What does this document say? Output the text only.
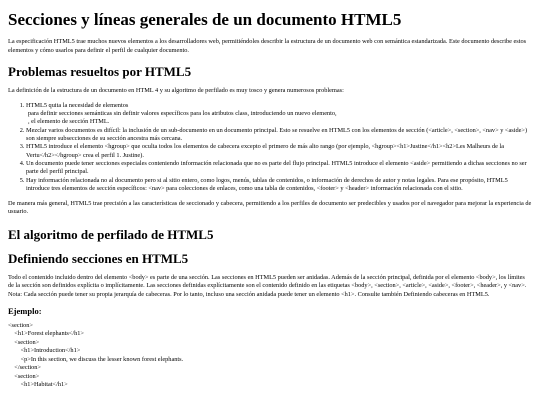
Secciones y líneas generales de un documento HTML5

La especificación HTML5 trae muchos nuevos elementos a los desarrolladores web, permitiéndoles describir la estructura de un documento web con semántica estandarizada. Este documento describe estos elementos y cómo usarlos para definir el perfil de cualquier documento.

Problemas resueltos por HTML5

La definición de la estructura de un documento en HTML 4 y su algoritmo de perfilado es muy tosco y genera numerosos problemas:

1. HTML5 quita la necesidad de elementos
para definir secciones semánticas sin definir valores específicos para los atributos class, introduciendo un nuevo elemento,
, el elemento de sección HTML.
2. Mezclar varios documentos es difícil: la inclusión de un sub-documento en un documento principal. Esto se resuelve en HTML5 con los elementos de sección (<article>, <section>, <nav> y <aside>) son siempre subsecciones de su sección ancestra más cercana.
3. HTML5 introduce el elemento <hgroup> que oculta todos los elementos de cabecera excepto el primero de más alto rango (por ejemplo, <hgroup><h1>Justine</h1><h2>Les Malheurs de la Vertu</h2></hgroup> crea el perfil 1. Justine).
4. Un documento puede tener secciones especiales conteniendo información relacionada que no es parte del flujo principal. HTML5 introduce el elemento <aside> permitiendo a dichas secciones no ser parte del perfil principal.
5. Hay información relacionada no al documento pero si al sitio entero, como logos, menús, tablas de contenidos, o información de derechos de autor y notas legales. Para ese propósito, HTML5 introduce tres elementos de sección específicos: <nav> para colecciones de enlaces, como una tabla de contenidos, <footer> y <header> información relacionada con el sitio.

De manera más general, HTML5 trae precisión a las características de seccionado y cabecera, permitiendo a los perfiles de documento ser predecibles y usados por el navegador para mejorar la experiencia de usuario.

El algoritmo de perfilado de HTML5
Definiendo secciones en HTML5

Todo el contenido incluido dentro del elemento <body> es parte de una sección. Las secciones en HTML5 pueden ser anidadas. Además de la sección principal, definida por el elemento <body>, los límites de la sección son definidos explícita o implícitamente. Las secciones definidas explícitamente son el contenido definido en las etiquetas <body>, <section>, <article>, <aside>, <footer>, <header>, y <nav>. Nota: Cada sección puede tener su propia jerarquía de cabeceras. Por lo tanto, incluso una sección anidada puede tener un elemento <h1>. Consulte también Definiendo cabeceras en HTML5.

Ejemplo:
<section>
<h1>Forest elephants</h1>
<section>
<h1>Introduction</h1>
<p>In this section, we discuss the lesser known forest elephants.
</section>
<section>
<h1>Habitat</h1>
